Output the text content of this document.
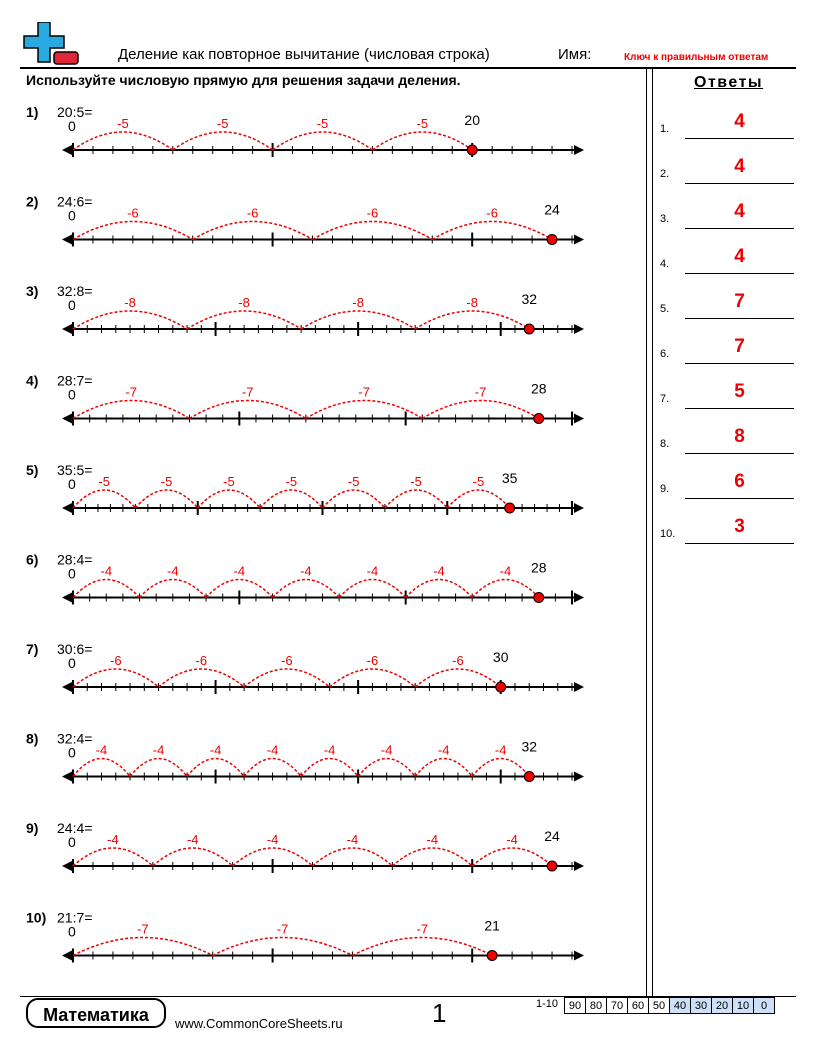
Деление как повторное вычитание (числовая строка)	Имя:	Ключ к правильным ответам
Используйте числовую прямую для решения задачи деления.	Ответы
1.	4
2.	4
3.	4
4.	4
5.	7
6.	7
7.	5
8.	8
9.	6
10.	3
1) 20:5=
0	-5	-5	-5	-5	20
2) 24:6=
0	-6	-6	-6	-6	24
3) 32:8=
0	-8	-8	-8	-8	32
4) 28:7=
0	-7	-7	-7	-7	28
5) 35:5=
0 -5	-5	-5	-5	-5	-5	-5 35
6) 28:4=
0 -4	-4	-4	-4	-4	-4	-4 28
7) 30:6=
0	-6	-6	-6	-6	-6 30
8) 32:4=
0 -4	-4	-4	-4	-4	-4	-4	-4 32
9) 24:4=
0 -4	-4	-4	-4	-4	-4 24
10) 21:7=
0	-7	-7	-7	21
Математика	www.CommonCoreSheets.ru	1	1-10 90	80	70	60	50	40	30	20	10	0
